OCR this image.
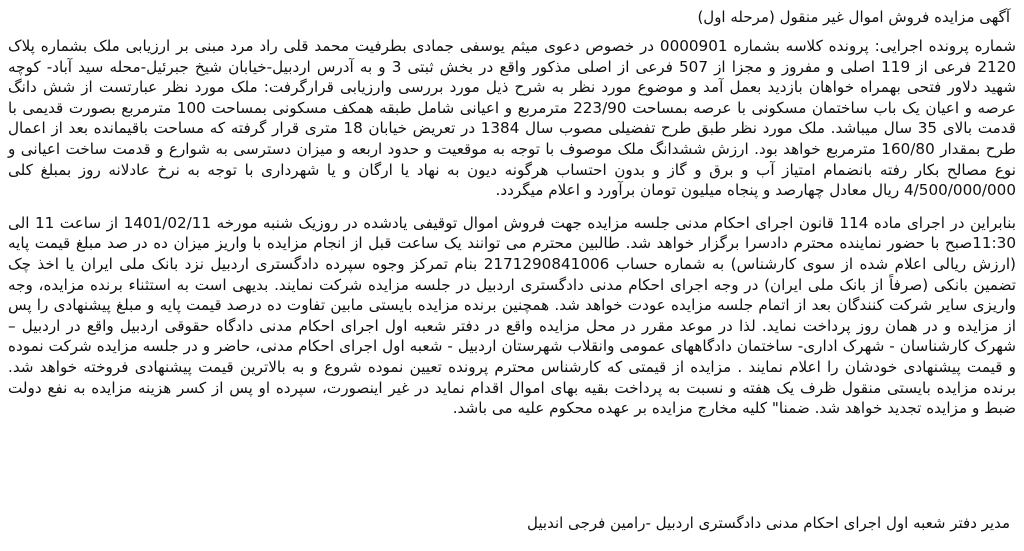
آگهی مزایده فروش اموال غیر منقول (مرحله اول)

شماره پرونده اجرایی: پرونده کلاسه بشماره 0000901 در خصوص دعوی میثم یوسفی جمادی بطرفیت محمد قلی راد مرد مبنی بر ارزیابی ملک بشماره پلاک 2120 فرعی از 119 اصلی و مفروز و مجزا از 507 فرعی از اصلی مذکور واقع در بخش ثبتی 3 و به آدرس اردبیل-خیابان شیخ جبرئیل-محله سید آباد- کوچه شهید دلاور فتحی بهمراه خواهان بازدید بعمل آمد و موضوع مورد نظر به شرح ذیل مورد بررسی وارزیابی قرارگرفت: ملک مورد نظر عبارتست از شش دانگ عرصه و اعیان یک باب ساختمان مسکونی با عرصه بمساحت 223/90 مترمربع و اعیانی شامل طبقه همکف مسکونی بمساحت 100 مترمربع بصورت قدیمی با قدمت بالای 35 سال میباشد. ملک مورد نظر طبق طرح تفضیلی مصوب سال 1384 در تعریض خیابان 18 متری قرار گرفته که مساحت باقیمانده بعد از اعمال طرح بمقدار 160/80 مترمربع خواهد بود. ارزش ششدانگ ملک موصوف با توجه به موقعیت و حدود اربعه و میزان دسترسی به شوارع و قدمت ساخت اعیانی و نوع مصالح بکار رفته بانضمام امتیاز آب و برق و گاز و بدون احتساب هرگونه دیون به نهاد یا ارگان و یا شهرداری با توجه به نرخ عادلانه روز بمبلغ کلی 4/500/000/000 ریال معادل چهارصد و پنجاه میلیون تومان برآورد و اعلام میگردد.

بنابراین در اجرای ماده 114 قانون اجرای احکام مدنی جلسه مزایده جهت فروش اموال توقیفی یادشده در روزیک شنبه مورخه 1401/02/11 از ساعت 11 الی 11:30صبح با حضور نماینده محترم دادسرا برگزار خواهد شد. طالبین محترم می توانند یک ساعت قبل از انجام مزایده با واریز میزان ده در صد مبلغ قیمت پایه (ارزش ریالی اعلام شده از سوی کارشناس) به شماره حساب 2171290841006 بنام تمرکز وجوه سپرده دادگستری اردبیل نزد بانک ملی ایران یا اخذ چک تضمین بانکی (صرفاً از بانک ملی ایران) در وجه اجرای احکام مدنی دادگستری اردبیل در جلسه مزایده شرکت نمایند. بدیهی است به استثناء برنده مزایده، وجه واریزی سایر شرکت کنندگان بعد از اتمام جلسه مزایده عودت خواهد شد. همچنین برنده مزایده بایستی مابین تفاوت ده درصد قیمت پایه و مبلغ پیشنهادی را پس از مزایده و در همان روز پرداخت نماید. لذا در موعد مقرر در محل مزایده واقع در دفتر شعبه اول اجرای احکام مدنی دادگاه حقوقی اردبیل واقع در اردبیل – شهرک کارشناسان - شهرک اداری- ساختمان دادگاههای عمومی وانقلاب شهرستان اردبیل - شعبه اول اجرای احکام مدنی، حاضر و در جلسه مزایده شرکت نموده و قیمت پیشنهادی خودشان را اعلام نمایند . مزایده از قیمتی که کارشناس محترم پرونده تعیین نموده شروع و به بالاترین قیمت پیشنهادی فروخته خواهد شد. برنده مزایده بایستی منقول ظرف یک هفته و نسبت به پرداخت بقیه بهای اموال اقدام نماید در غیر اینصورت، سپرده او پس از کسر هزینه مزایده به نفع دولت ضبط و مزایده تجدید خواهد شد. ضمنا" کلیه مخارج مزایده بر عهده محکوم علیه می باشد.

مدیر دفتر شعبه اول اجرای احکام مدنی دادگستری اردبیل -رامین فرجی اندبیل
